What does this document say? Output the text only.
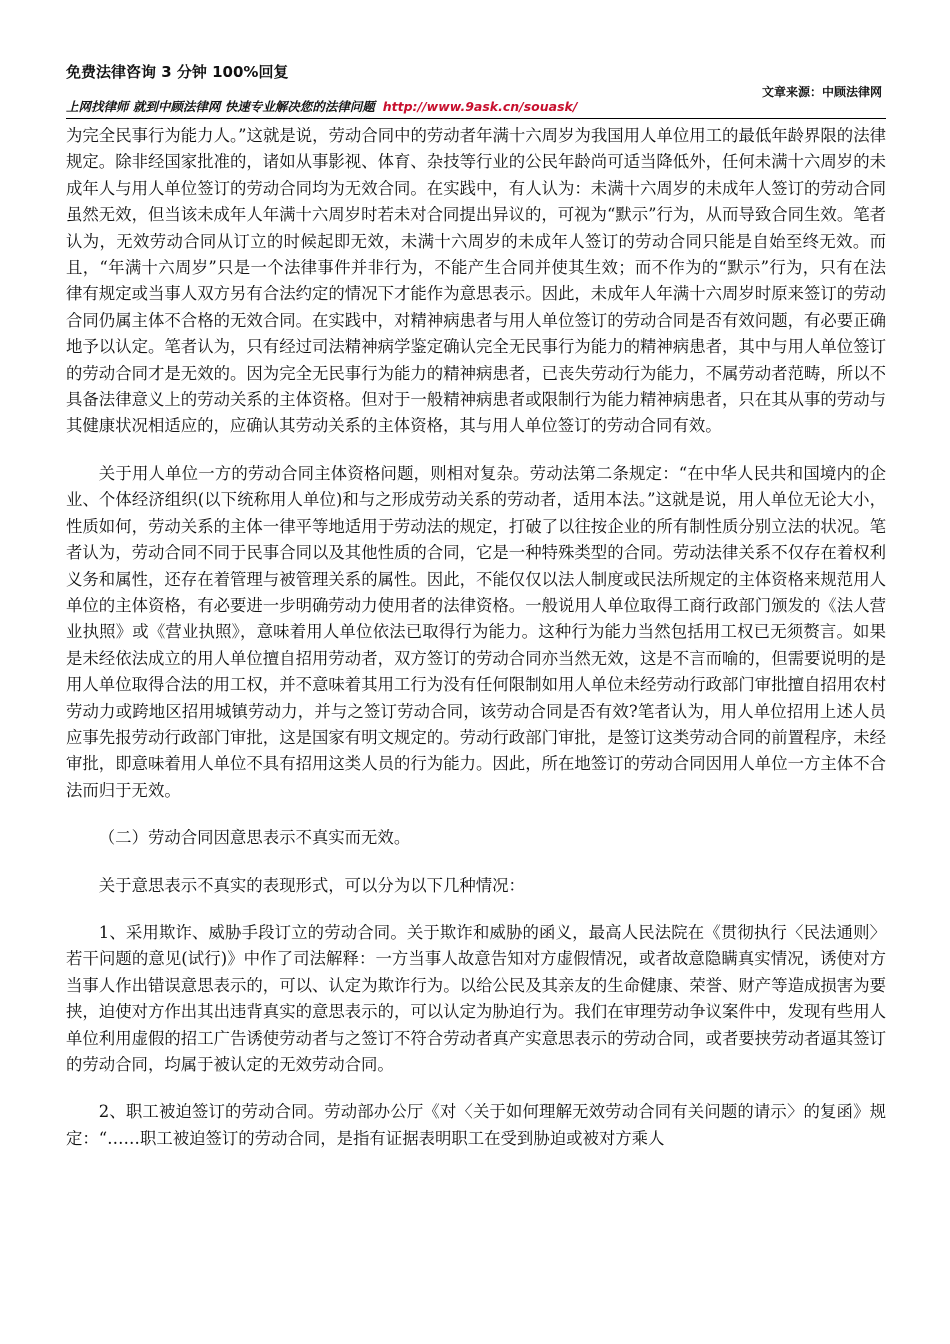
免费法律咨询 3 分钟 100%回复
文章来源：中顾法律网
上网找律师 就到中顾法律网 快速专业解决您的法律问题 http://www.9ask.cn/souask/

为完全民事行为能力人。”这就是说，劳动合同中的劳动者年满十六周岁为我国用人单位用工的最低年龄界限的法律规定。除非经国家批准的，诸如从事影视、体育、杂技等行业的公民年龄尚可适当降低外，任何未满十六周岁的未成年人与用人单位签订的劳动合同均为无效合同。在实践中，有人认为：未满十六周岁的未成年人签订的劳动合同虽然无效，但当该未成年人年满十六周岁时若未对合同提出异议的，可视为“默示”行为，从而导致合同生效。笔者认为，无效劳动合同从订立的时候起即无效，未满十六周岁的未成年人签订的劳动合同只能是自始至终无效。而且，“年满十六周岁”只是一个法律事件并非行为，不能产生合同并使其生效；而不作为的“默示”行为，只有在法律有规定或当事人双方另有合法约定的情况下才能作为意思表示。因此，未成年人年满十六周岁时原来签订的劳动合同仍属主体不合格的无效合同。在实践中，对精神病患者与用人单位签订的劳动合同是否有效问题，有必要正确地予以认定。笔者认为，只有经过司法精神病学鉴定确认完全无民事行为能力的精神病患者，其中与用人单位签订的劳动合同才是无效的。因为完全无民事行为能力的精神病患者，已丧失劳动行为能力，不属劳动者范畴，所以不具备法律意义上的劳动关系的主体资格。但对于一般精神病患者或限制行为能力精神病患者，只在其从事的劳动与其健康状况相适应的，应确认其劳动关系的主体资格，其与用人单位签订的劳动合同有效。

关于用人单位一方的劳动合同主体资格问题，则相对复杂。劳动法第二条规定：“在中华人民共和国境内的企业、个体经济组织(以下统称用人单位)和与之形成劳动关系的劳动者，适用本法。”这就是说，用人单位无论大小，性质如何，劳动关系的主体一律平等地适用于劳动法的规定，打破了以往按企业的所有制性质分别立法的状况。笔者认为，劳动合同不同于民事合同以及其他性质的合同，它是一种特殊类型的合同。劳动法律关系不仅存在着权利义务和属性，还存在着管理与被管理关系的属性。因此，不能仅仅以法人制度或民法所规定的主体资格来规范用人单位的主体资格，有必要进一步明确劳动力使用者的法律资格。一般说用人单位取得工商行政部门颁发的《法人营业执照》或《营业执照》，意味着用人单位依法已取得行为能力。这种行为能力当然包括用工权已无须赘言。如果是未经依法成立的用人单位擅自招用劳动者，双方签订的劳动合同亦当然无效，这是不言而喻的，但需要说明的是用人单位取得合法的用工权，并不意味着其用工行为没有任何限制如用人单位未经劳动行政部门审批擅自招用农村劳动力或跨地区招用城镇劳动力，并与之签订劳动合同，该劳动合同是否有效?笔者认为，用人单位招用上述人员应事先报劳动行政部门审批，这是国家有明文规定的。劳动行政部门审批，是签订这类劳动合同的前置程序，未经审批，即意味着用人单位不具有招用这类人员的行为能力。因此，所在地签订的劳动合同因用人单位一方主体不合法而归于无效。

（二）劳动合同因意思表示不真实而无效。

关于意思表示不真实的表现形式，可以分为以下几种情况：

1、采用欺诈、威胁手段订立的劳动合同。关于欺诈和威胁的函义，最高人民法院在《贯彻执行〈民法通则〉若干问题的意见(试行)》中作了司法解释：一方当事人故意告知对方虚假情况，或者故意隐瞒真实情况，诱使对方当事人作出错误意思表示的，可以、认定为欺诈行为。以给公民及其亲友的生命健康、荣誉、财产等造成损害为要挟，迫使对方作出其出违背真实的意思表示的，可以认定为胁迫行为。我们在审理劳动争议案件中，发现有些用人单位利用虚假的招工广告诱使劳动者与之签订不符合劳动者真产实意思表示的劳动合同，或者要挟劳动者逼其签订的劳动合同，均属于被认定的无效劳动合同。

2、职工被迫签订的劳动合同。劳动部办公厅《对〈关于如何理解无效劳动合同有关问题的请示〉的复函》规定：“……职工被迫签订的劳动合同，是指有证据表明职工在受到胁迫或被对方乘人
